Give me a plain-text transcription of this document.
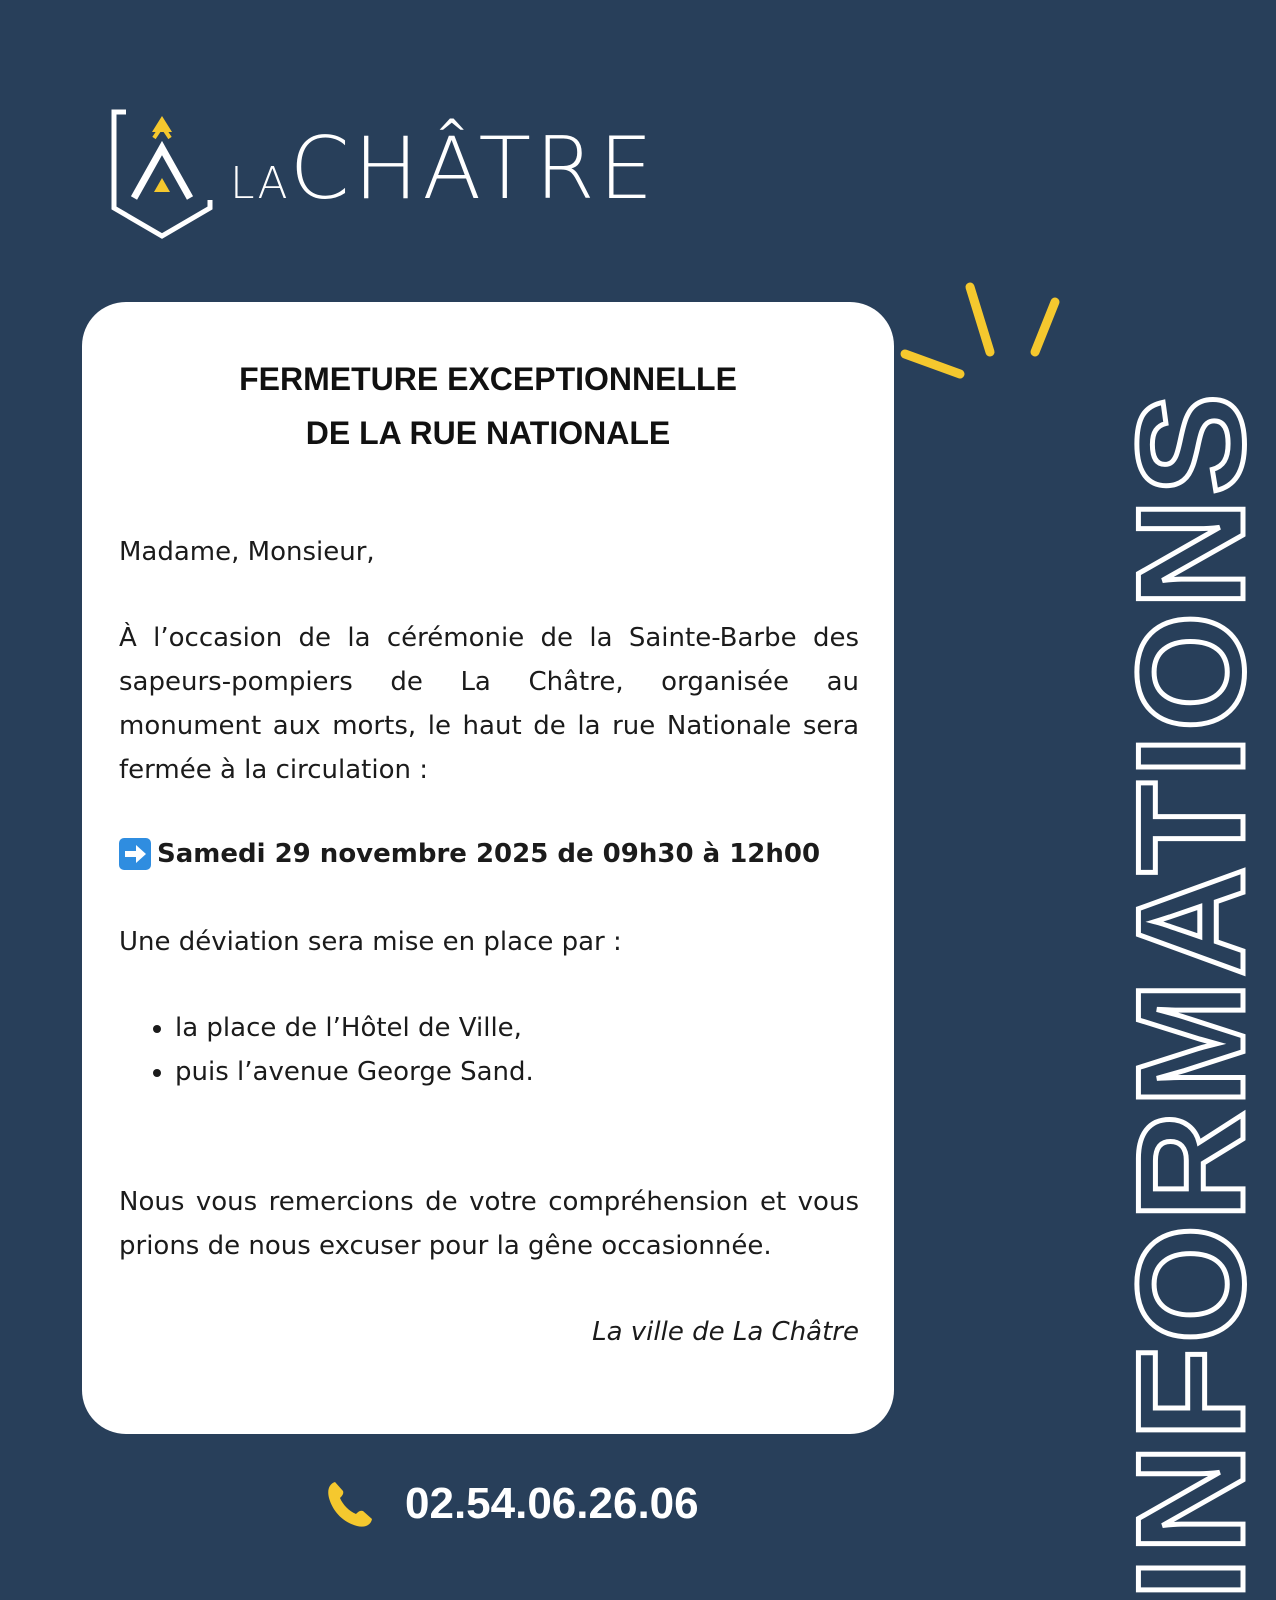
LACHÂTRE
FERMETURE EXCEPTIONNELLE
DE LA RUE NATIONALE
Madame, Monsieur,
À l’occasion de la cérémonie de la Sainte-Barbe des sapeurs-pompiers de La Châtre, organisée au monument aux morts, le haut de la rue Nationale sera fermée à la circulation :
Samedi 29 novembre 2025 de 09h30 à 12h00
Une déviation sera mise en place par :
• la place de l’Hôtel de Ville,
• puis l’avenue George Sand.
Nous vous remercions de votre compréhension et vous prions de nous excuser pour la gêne occasionnée.
La ville de La Châtre
02.54.06.26.06	INFORMATIONS
